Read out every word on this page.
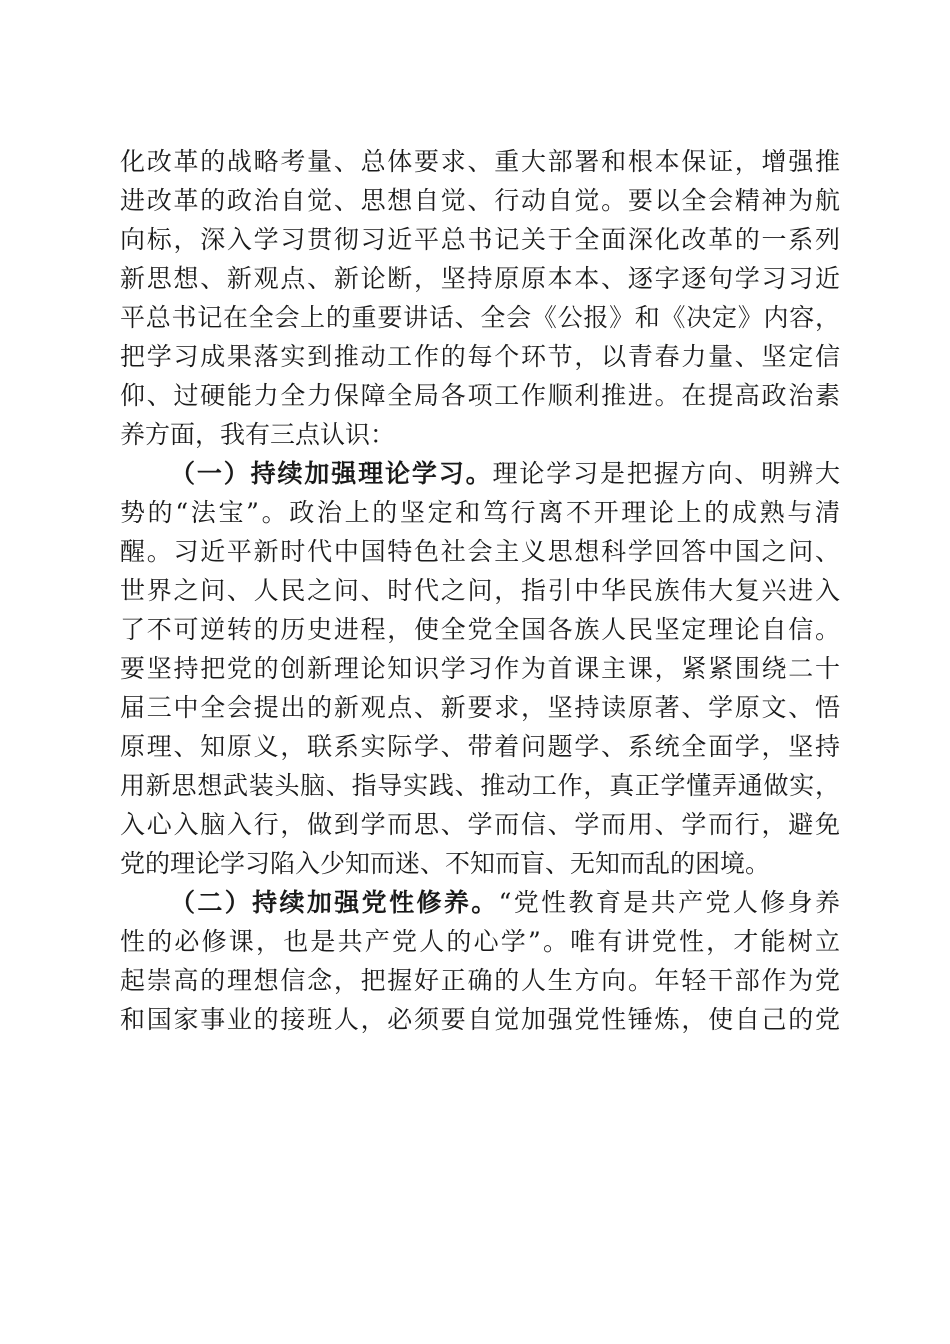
化改革的战略考量、总体要求、重大部署和根本保证，增强推
进改革的政治自觉、思想自觉、行动自觉。要以全会精神为航
向标，深入学习贯彻习近平总书记关于全面深化改革的一系列
新思想、新观点、新论断，坚持原原本本、逐字逐句学习习近
平总书记在全会上的重要讲话、全会《公报》和《决定》内容，
把学习成果落实到推动工作的每个环节，以青春力量、坚定信
仰、过硬能力全力保障全局各项工作顺利推进。在提高政治素
养方面，我有三点认识：
（一）持续加强理论学习。理论学习是把握方向、明辨大
势的“法宝”。政治上的坚定和笃行离不开理论上的成熟与清
醒。习近平新时代中国特色社会主义思想科学回答中国之问、
世界之问、人民之问、时代之问，指引中华民族伟大复兴进入
了不可逆转的历史进程，使全党全国各族人民坚定理论自信。
要坚持把党的创新理论知识学习作为首课主课，紧紧围绕二十
届三中全会提出的新观点、新要求，坚持读原著、学原文、悟
原理、知原义，联系实际学、带着问题学、系统全面学，坚持
用新思想武装头脑、指导实践、推动工作，真正学懂弄通做实，
入心入脑入行，做到学而思、学而信、学而用、学而行，避免
党的理论学习陷入少知而迷、不知而盲、无知而乱的困境。
（二）持续加强党性修养。“党性教育是共产党人修身养
性的必修课，也是共产党人的心学”。唯有讲党性，才能树立
起崇高的理想信念，把握好正确的人生方向。年轻干部作为党
和国家事业的接班人，必须要自觉加强党性锤炼，使自己的党
